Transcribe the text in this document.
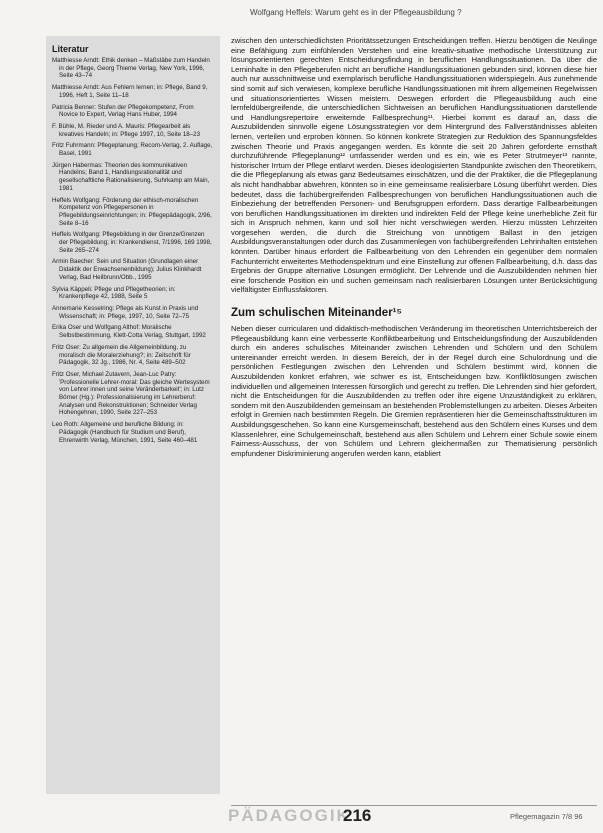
Wolfgang Heffels: Warum geht es in der Pflegeausbildung ?
Literatur
Matthiesse Arndt: Ethik denken – Maßstäbe zum Handeln in der Pflege, Georg Thieme Verlag, New York, 1996, Seite 43–74
Matthiesse Arndt: Aus Fehlern lernen; in: Pflege, Band 9, 1996, Heft 1, Seite 11–18
Patricia Benner: Stufen der Pflegekompetenz, From Novice to Expert, Verlag Hans Huber, 1994
F. Bühle, M. Rieder und A. Mauris: Pflegearbeit als kreatives Handeln; in: Pflege 1997, 10, Seite 18–23
Fritz Fuhrmann: Pflegeplanung; Recom-Verlag, 2. Auflage, Basel, 1991
Jürgen Habermas: Theorien des kommunikativen Handelns; Band 1, Handlungsrationalität und gesellschaftliche Rationalisierung, Suhrkamp am Main, 1981
Heffels Wolfgang: Förderung der ethisch-moralischen Kompetenz von Pflegepersonen in Pflegebildungseinrichtungen; in: Pflegepädagogik, 2/96, Seite 8–16
Heffels Wolfgang: Pflegebildung in der Grenze/Grenzen der Pflegebildung; in: Krankendienst, 7/1996, 169 1998, Seite 265–274
Armin Baecher: Sein und Situation (Grundlagen einer Didaktik der Erwachsenenbildung); Julius Klinkhardt Verlag, Bad Heilbrunn/Obb., 1995
Sylvia Käppeli: Pflege und Pflegetheorien; in: Krankenpflege 42, 1988, Seite 5
Annemarie Kesselring: Pflege als Kunst in Praxis und Wissenschaft; in: Pflege, 1997, 10, Seite 72–75
Erika Oser und Wolfgang Althof: Moralische Selbstbestimmung, Klett-Cotta Verlag, Stuttgart, 1992
Fritz Oser: Zu allgemein die Allgemeinbildung, zu moralisch die Moralerziehung?; in: Zeitschrift für Pädagogik, 32 Jg., 1986, Nr. 4, Seite 489–502
Fritz Oser, Michael Zutavern, Jean-Luc Patry: 'Professionelle Lehrer-moral: Das gleiche Wertesystem von Lehrer innen und seine Veränderbarkeit'; in: Lutz Börner (Hg.): Professionalisierung im Lehrerberuf: Analysen und Rekonstruktionen; Schneider Verlag Hohengehren, 1990, Seite 227–253
Leo Roth: Allgemeine und berufliche Bildung; in: Pädagogik (Handbuch für Studium und Beruf), Ehrenwirth Verlag, München, 1991, Seite 460–481

zwischen den unterschiedlichsten Prioritätssetzungen Entscheidungen treffen. Hierzu benötigen die Neulinge eine Befähigung zum einfühlenden Verstehen und eine kreativ-situative methodische Unterstützung zur lösungsorientierten gerechten Entscheidungsfindung in beruflichen Handlungssituationen. Da über die Lerninhalte in den Pflegeberufen nicht an berufliche Handlungssituationen gebunden sind, können diese hier auch nur ausschnittweise und exemplarisch berufliche Handlungssituationen widerspiegeln. Aus zunehmende sind somit auf sich verwiesen, komplexe berufliche Handlungssituationen mit ihrem allgemeinen Regelwissen und situationsorientiertes Wissen meistern. Deswegen erfordert die Pflegeausbildung auch eine lernfeldübergreifende, die unterschiedlichen Sichtweisen an beruflichen Handlungssituationen darstellende und Handlungsrepertoire erweiternde Fallbesprechung¹¹. Hierbei kommt es darauf an, dass die Auszubildenden sinnvolle eigene Lösungsstrategien vor dem Hintergrund des Fallverständnisses ableiten lernen, verteilen und erproben können. So können konkrete Strategien zur Reduktion des Spannungsfeldes zwischen Theorie und Praxis angegangen werden. Es könnte die seit 20 Jahren geforderte ernsthaft durchzuführende Pflegeplanung¹² umfassender werden und es ein, wie es Peter Strutmeyer¹³ nannte, historischer Irrtum der Pflege entlarvt werden. Dieses ideologisierten Standpunkte zwischen den Theoretikern, die die Pflegeplanung als etwas ganz Bedeutsames einschätzen, und die der Praktiker, die die Pflegeplanung als nicht handhabbar abwehren, könnten so in eine gemeinsame realisierbare Lösung überführt werden. Dies bedeutet, dass die fachübergreifenden Fallbesprechungen von beruflichen Handlungssituationen auch die Einbeziehung der betreffenden Personen- und Berufsgruppen erfordern. Dass derartige Fallbearbeitungen von beruflichen Handlungssituationen im direkten und indirekten Feld der Pflege keine unerhebliche Zeit für sich in Anspruch nehmen, kann und soll hier nicht verschwiegen werden. Hierzu müssten Lehrzeiten vorgesehen werden, die durch die Streichung von unnötigem Ballast in den jetzigen Ausbildungsveranstaltungen oder durch das Zusammenlegen von fachübergreifenden Lehrinhalten entstehen könnten. Darüber hinaus erfordert die Fallbearbeitung von den Lehrenden ein gegenüber dem normalen Fachunterricht erweitertes Methodenspektrum und eine Einstellung zur offenen Fallbearbeitung, d.h. dass das Ergebnis der Gruppe alternative Lösungen ermöglicht. Der Lehrende und die Auszubildenden nehmen hier eine forschende Position ein und suchen gemeinsam nach realisierbaren Lösungen unter Berücksichtigung vielfältigster Einflussfaktoren.

Zum schulischen Miteinander¹⁵

Neben dieser curricularen und didaktisch-methodischen Veränderung im theoretischen Unterrichtsbereich der Pflegeausbildung kann eine verbesserte Konfliktbearbeitung und Entscheidungsfindung der Auszubildenden durch ein anderes schulisches Miteinander zwischen Lehrenden und Schülern und den Schülern untereinander erreicht werden. In diesem Bereich, der in der Regel durch eine Schulordnung und die persönlichen Festlegungen zwischen den Lehrenden und Schülern bestimmt wird, können die Auszubildenden konkret erfahren, wie schwer es ist, Entscheidungen bzw. Konfliktlösungen zwischen individuellen und allgemeinen Interessen fürsorglich und gerecht zu treffen. Die Lehrenden sind hier gefordert, nicht die Entscheidungen für die Auszubildenden zu treffen oder ihre eigene Unzuständigkeit zu erklären, sondern mit den Auszubildenden gemeinsam an bestehenden Problemstellungen zu arbeiten. Dieses Arbeiten erfolgt in Gremien nach bestimmten Regeln. Die Gremien repräsentieren hier die Gemeinschaftsstrukturen im Ausbildungsgeschehen. So kann eine Kursgemeinschaft, bestehend aus den Schülern eines Kurses und dem Klassenlehrer, eine Schulgemeinschaft, bestehend aus allen Schülern und Lehrern einer Schule sowie einem Fairness-Ausschuss, der von Schülern und Lehrern gleichermaßen zur Thematisierung persönlich empfundener Diskriminierung angerufen werden kann, etabliert

PÄDAGOGIK
216	Pflegemagazin 7/8 96
